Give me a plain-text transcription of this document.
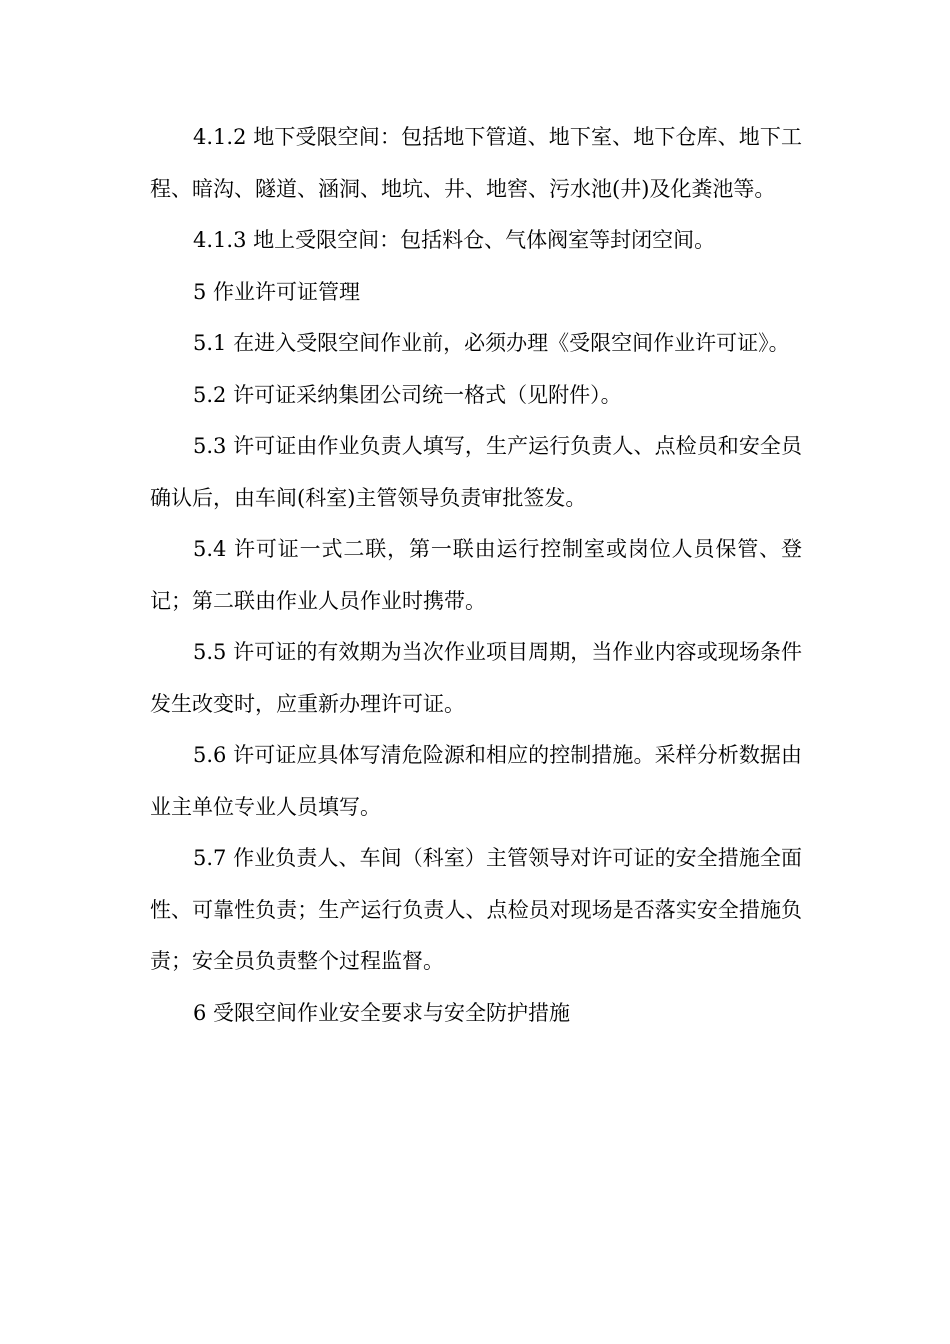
4.1.2 地下受限空间：包括地下管道、地下室、地下仓库、地下工程、暗沟、隧道、涵洞、地坑、井、地窖、污水池(井)及化粪池等。

4.1.3 地上受限空间：包括料仓、气体阀室等封闭空间。

5 作业许可证管理

5.1 在进入受限空间作业前，必须办理《受限空间作业许可证》。

5.2 许可证采纳集团公司统一格式（见附件）。

5.3 许可证由作业负责人填写，生产运行负责人、点检员和安全员确认后，由车间(科室)主管领导负责审批签发。

5.4 许可证一式二联，第一联由运行控制室或岗位人员保管、登记；第二联由作业人员作业时携带。

5.5 许可证的有效期为当次作业项目周期，当作业内容或现场条件发生改变时，应重新办理许可证。

5.6 许可证应具体写清危险源和相应的控制措施。采样分析数据由业主单位专业人员填写。

5.7 作业负责人、车间（科室）主管领导对许可证的安全措施全面性、可靠性负责；生产运行负责人、点检员对现场是否落实安全措施负责；安全员负责整个过程监督。

6 受限空间作业安全要求与安全防护措施
